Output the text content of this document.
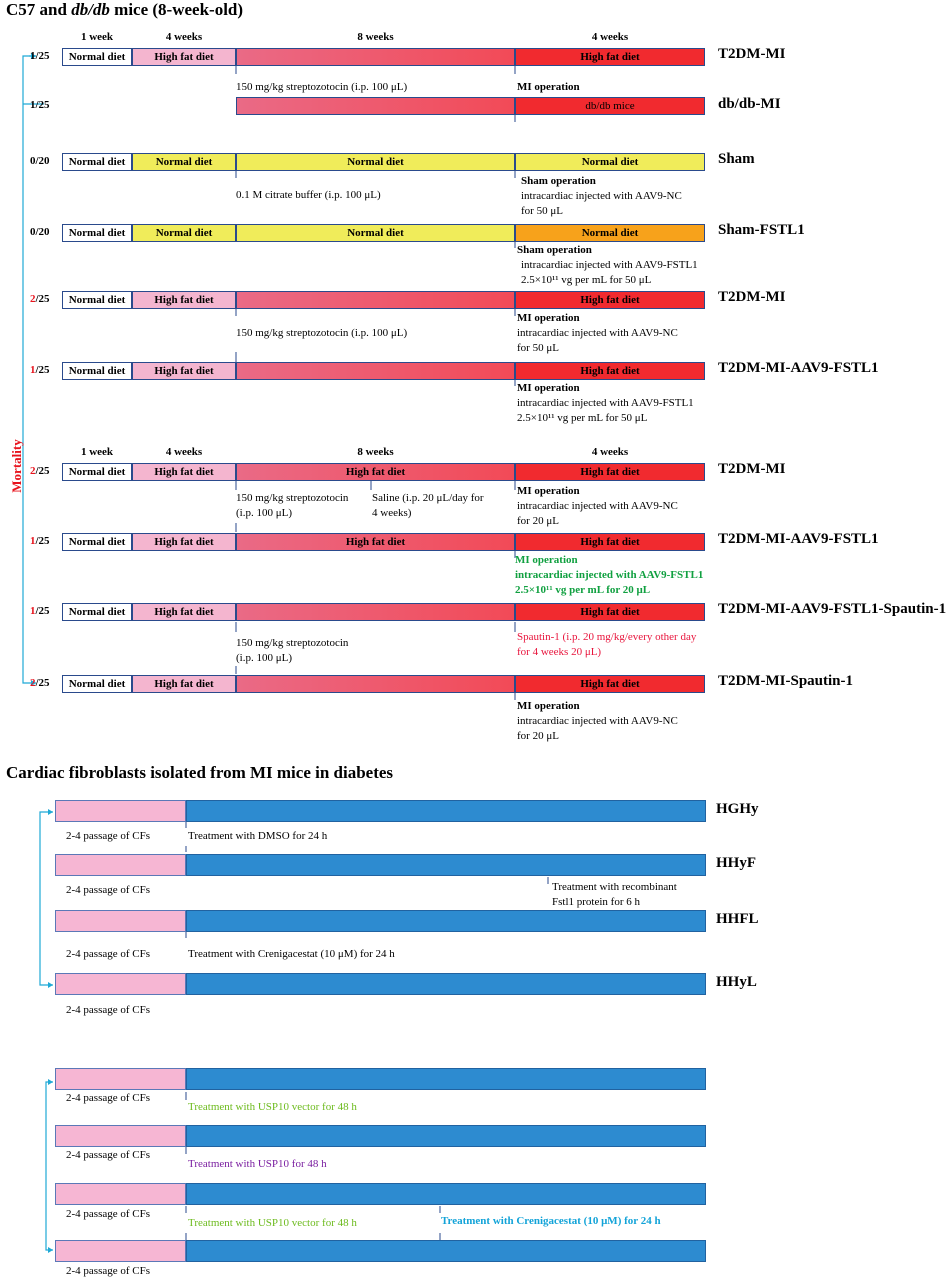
C57 and db/db mice (8-week-old)
1 week	4 weeks	8 weeks	4 weeks
Mortality
1/25	Normal diet	High fat diet	High fat diet	T2DM-MI
150 mg/kg streptozotocin (i.p. 100 μL)	MI operation
1/25	db/db mice	db/db-MI
0/20	Normal diet	Normal diet	Normal diet	Normal diet	Sham
0.1 M citrate buffer (i.p. 100 μL)
Sham operation
intracardiac injected with AAV9-NC
for 50 μL
0/20	Normal diet	Normal diet	Normal diet	Normal diet	Sham-FSTL1
Sham operation
intracardiac injected with AAV9-FSTL1
2.5×10¹¹ vg per mL for 50 μL
2/25	Normal diet	High fat diet	High fat diet	T2DM-MI
150 mg/kg streptozotocin (i.p. 100 μL)
MI operation
intracardiac injected with AAV9-NC
for 50 μL
1/25	Normal diet	High fat diet	High fat diet	T2DM-MI-AAV9-FSTL1
MI operation
intracardiac injected with AAV9-FSTL1
2.5×10¹¹ vg per mL for 50 μL
1 week	4 weeks	8 weeks	4 weeks
2/25	Normal diet	High fat diet	High fat diet	High fat diet	T2DM-MI
150 mg/kg streptozotocin
(i.p. 100 μL)
Saline (i.p. 20 μL/day for
4 weeks)
MI operation
intracardiac injected with AAV9-NC
for 20 μL
1/25	Normal diet	High fat diet	High fat diet	High fat diet	T2DM-MI-AAV9-FSTL1
MI operation
intracardiac injected with AAV9-FSTL1
2.5×10¹¹ vg per mL for 20 μL
1/25	Normal diet	High fat diet	High fat diet	T2DM-MI-AAV9-FSTL1-Spautin-1
150 mg/kg streptozotocin
(i.p. 100 μL)
Spautin-1 (i.p. 20 mg/kg/every other day
for 4 weeks 20 μL)
2/25	Normal diet	High fat diet	High fat diet	T2DM-MI-Spautin-1
MI operation
intracardiac injected with AAV9-NC
for 20 μL
Cardiac fibroblasts isolated from MI mice in diabetes
HGHy
2-4 passage of CFs	Treatment with DMSO for 24 h
HHyF
2-4 passage of CFs	Treatment with recombinant
Fstl1 protein for 6 h
HHFL
2-4 passage of CFs	Treatment with Crenigacestat (10 μM) for 24 h
HHyL
2-4 passage of CFs
2-4 passage of CFs
Treatment with USP10 vector for 48 h
2-4 passage of CFs
Treatment with USP10 for 48 h
2-4 passage of CFs
Treatment with USP10 vector for 48 h	Treatment with Crenigacestat (10 μM) for 24 h
2-4 passage of CFs
